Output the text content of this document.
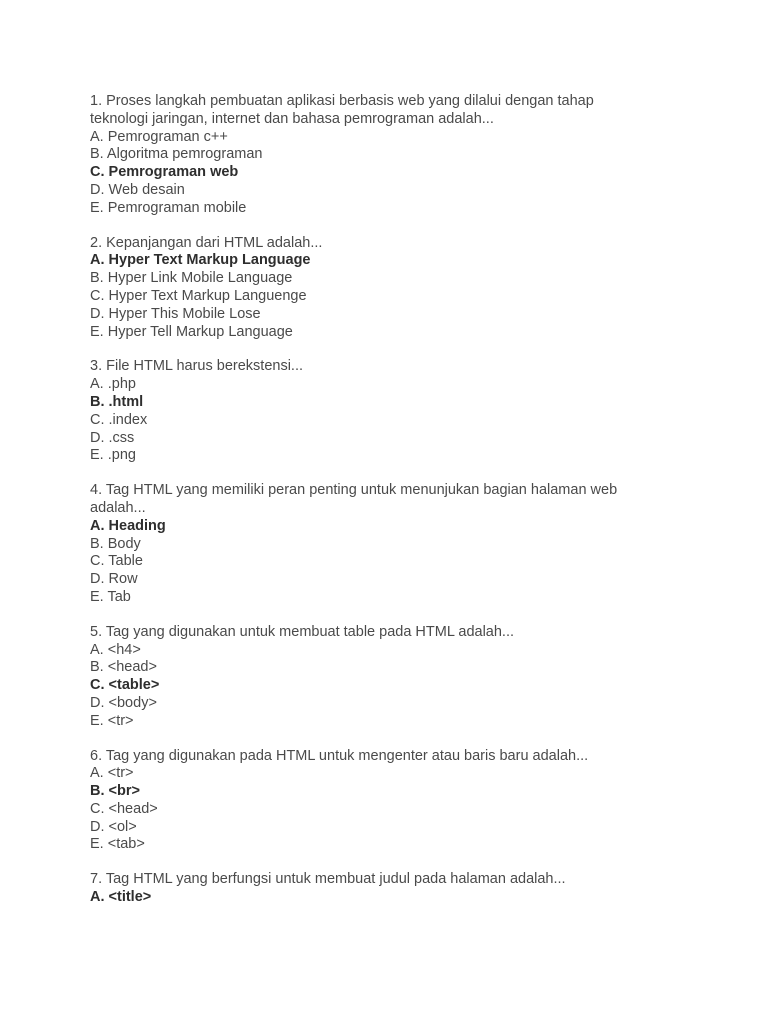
1. Proses langkah pembuatan aplikasi berbasis web yang dilalui dengan tahap teknologi jaringan, internet dan bahasa pemrograman adalah...
A. Pemrograman c++
B. Algoritma pemrograman
C. Pemrograman web
D. Web desain
E. Pemrograman mobile
2. Kepanjangan dari HTML adalah...
A. Hyper Text Markup Language
B. Hyper Link Mobile Language
C. Hyper Text Markup Languenge
D. Hyper This Mobile Lose
E. Hyper Tell Markup Language
3. File HTML harus berekstensi...
A. .php
B. .html
C. .index
D. .css
E. .png
4. Tag HTML yang memiliki peran penting untuk menunjukan bagian halaman web adalah...
A. Heading
B. Body
C. Table
D. Row
E. Tab
5. Tag yang digunakan untuk membuat table pada HTML adalah...
A. <h4>
B. <head>
C. <table>
D. <body>
E. <tr>
6. Tag yang digunakan pada HTML untuk mengenter atau baris baru adalah...
A. <tr>
B. <br>
C. <head>
D. <ol>
E. <tab>
7. Tag HTML yang berfungsi untuk membuat judul pada halaman adalah...
A. <title>
